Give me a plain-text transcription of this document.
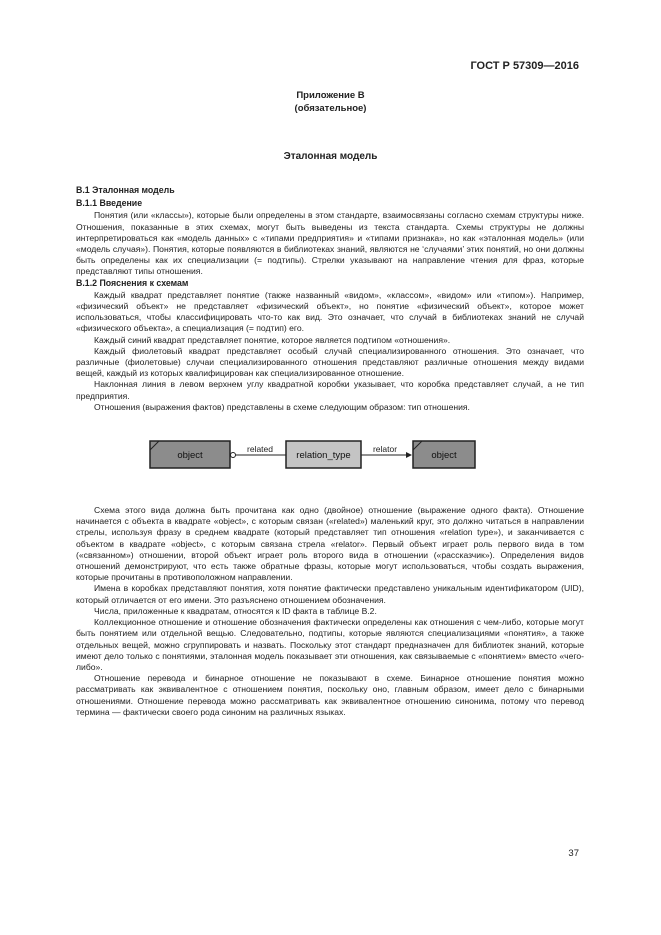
ГОСТ Р 57309—2016
Приложение В
(обязательное)
Эталонная модель
В.1 Эталонная модель
В.1.1 Введение

Понятия (или «классы»), которые были определены в этом стандарте, взаимосвязаны согласно схемам структуры ниже. Отношения, показанные в этих схемах, могут быть выведены из текста стандарта. Схемы структуры не должны интерпретироваться как «модель данных» с «типами предприятия» и «типами признака», но как «эталонная модель» (или «модель случая»). Понятия, которые появляются в библиотеках знаний, являются не ‘случаями’ этих понятий, но они должны быть определены как их специализации (= подтипы). Стрелки указывают на направление чтения для фраз, которые представляют типы отношения.

В.1.2 Пояснения к схемам

Каждый квадрат представляет понятие (также названный «видом», «классом», «видом» или «типом»). Например, «физический объект» не представляет «физический объект», но понятие «физический объект», которое может использоваться, чтобы классифицировать что-то как вид. Это означает, что случай в библиотеках знаний не случай «физического объекта», а специализация (= подтип) его.

Каждый синий квадрат представляет понятие, которое является подтипом «отношения».

Каждый фиолетовый квадрат представляет особый случай специализированного отношения. Это означает, что различные (фиолетовые) случаи специализированного отношения представляют различные отношения между видами вещей, каждый из которых квалифицирован как специализированное отношение.

Наклонная линия в левом верхнем углу квадратной коробки указывает, что коробка представляет случай, а не тип предприятия.

Отношения (выражения фактов) представлены в схеме следующим образом: тип отношения.

Схема этого вида должна быть прочитана как одно (двойное) отношение (выражение одного факта). Отношение начинается с объекта в квадрате «object», с которым связан («related») маленький круг, это должно читаться в направлении стрелы, используя фразу в среднем квадрате (который представляет тип отношения «relation type»), и заканчивается с объектом в квадрате «object», с которым связана стрела «relator». Первый объект играет роль первого вида в том («связанном») отношении, второй объект играет роль второго вида в отношении («рассказчик»). Определения видов отношений демонстрируют, что есть также обратные фразы, которые могут использоваться, чтобы создать выражения, которые прочитаны в противоположном направлении.

Имена в коробках представляют понятия, хотя понятие фактически представлено уникальным идентификатором (UID), который отличается от его имени. Это разъяснено отношением обозначения.

Числа, приложенные к квадратам, относятся к ID факта в таблице В.2.

Коллекционное отношение и отношение обозначения фактически определены как отношения с чем-либо, которые могут быть понятием или отдельной вещью. Следовательно, подтипы, которые являются специализациями «понятия», а также отдельных вещей, можно сгруппировать и назвать. Поскольку этот стандарт предназначен для библиотек знаний, которые имеют дело только с понятиями, эталонная модель показывает эти отношения, как связываемые с «понятием» вместо «чего-либо».

Отношение перевода и бинарное отношение не показывают в схеме. Бинарное отношение понятия можно рассматривать как эквивалентное с отношением понятия, поскольку оно, главным образом, имеет дело с бинарными отношениями. Отношение перевода можно рассматривать как эквивалентное отношению синонима, потому что перевод термина — фактически своего рода синоним на различных языках.

object
related
relation_type
relator
object
37
